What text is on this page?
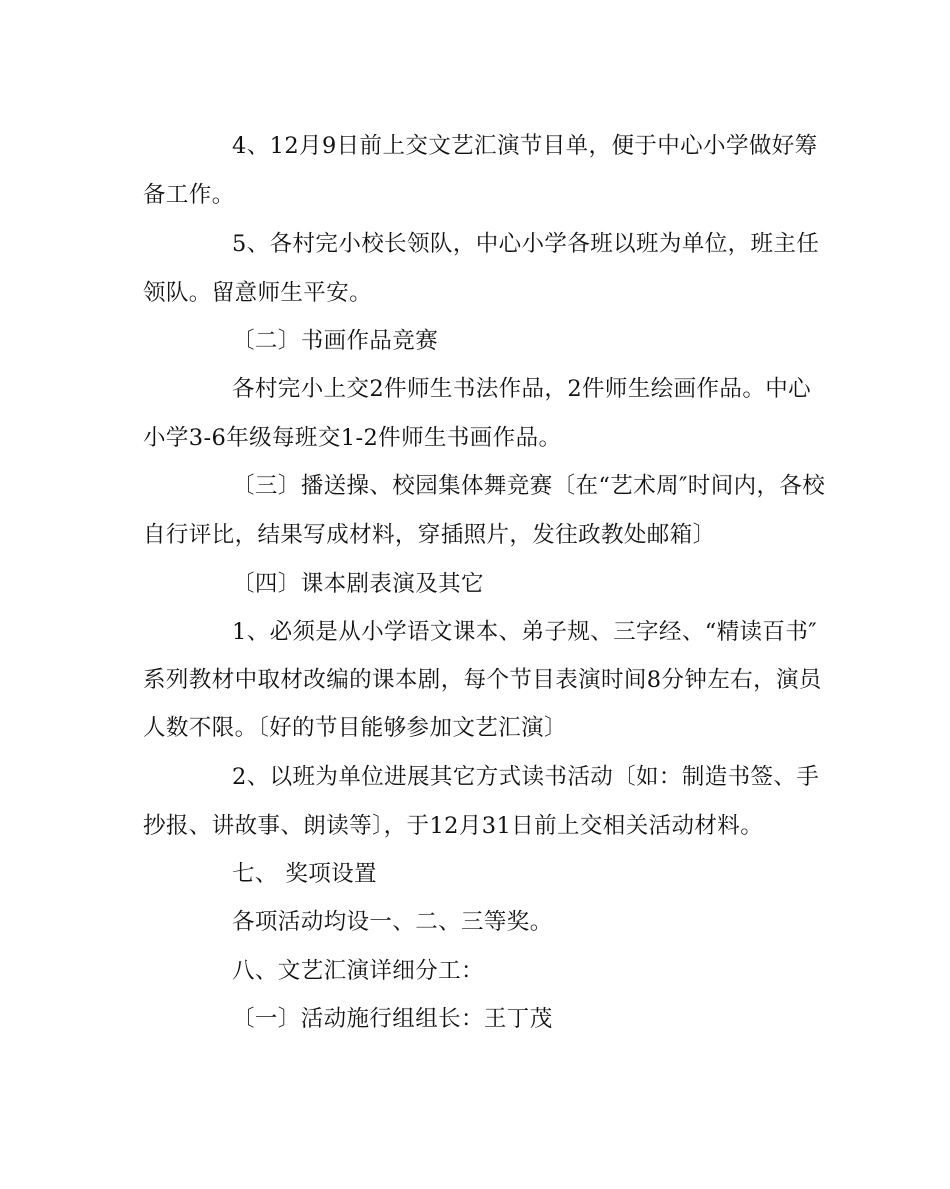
4、12月9日前上交文艺汇演节目单，便于中心小学做好筹
备工作。
5、各村完小校长领队，中心小学各班以班为单位，班主任
领队。留意师生平安。
〔二〕书画作品竞赛
各村完小上交2件师生书法作品，2件师生绘画作品。中心
小学3-6年级每班交1-2件师生书画作品。
〔三〕播送操、校园集体舞竞赛〔在“艺术周″时间内，各校
自行评比，结果写成材料，穿插照片，发往政教处邮箱〕
〔四〕课本剧表演及其它
1、必须是从小学语文课本、弟子规、三字经、“精读百书″
系列教材中取材改编的课本剧，每个节目表演时间8分钟左右，演员
人数不限。〔好的节目能够参加文艺汇演〕
2、以班为单位进展其它方式读书活动〔如：制造书签、手
抄报、讲故事、朗读等〕，于12月31日前上交相关活动材料。
七、 奖项设置
各项活动均设一、二、三等奖。
八、文艺汇演详细分工：
〔一〕活动施行组组长：王丁茂
